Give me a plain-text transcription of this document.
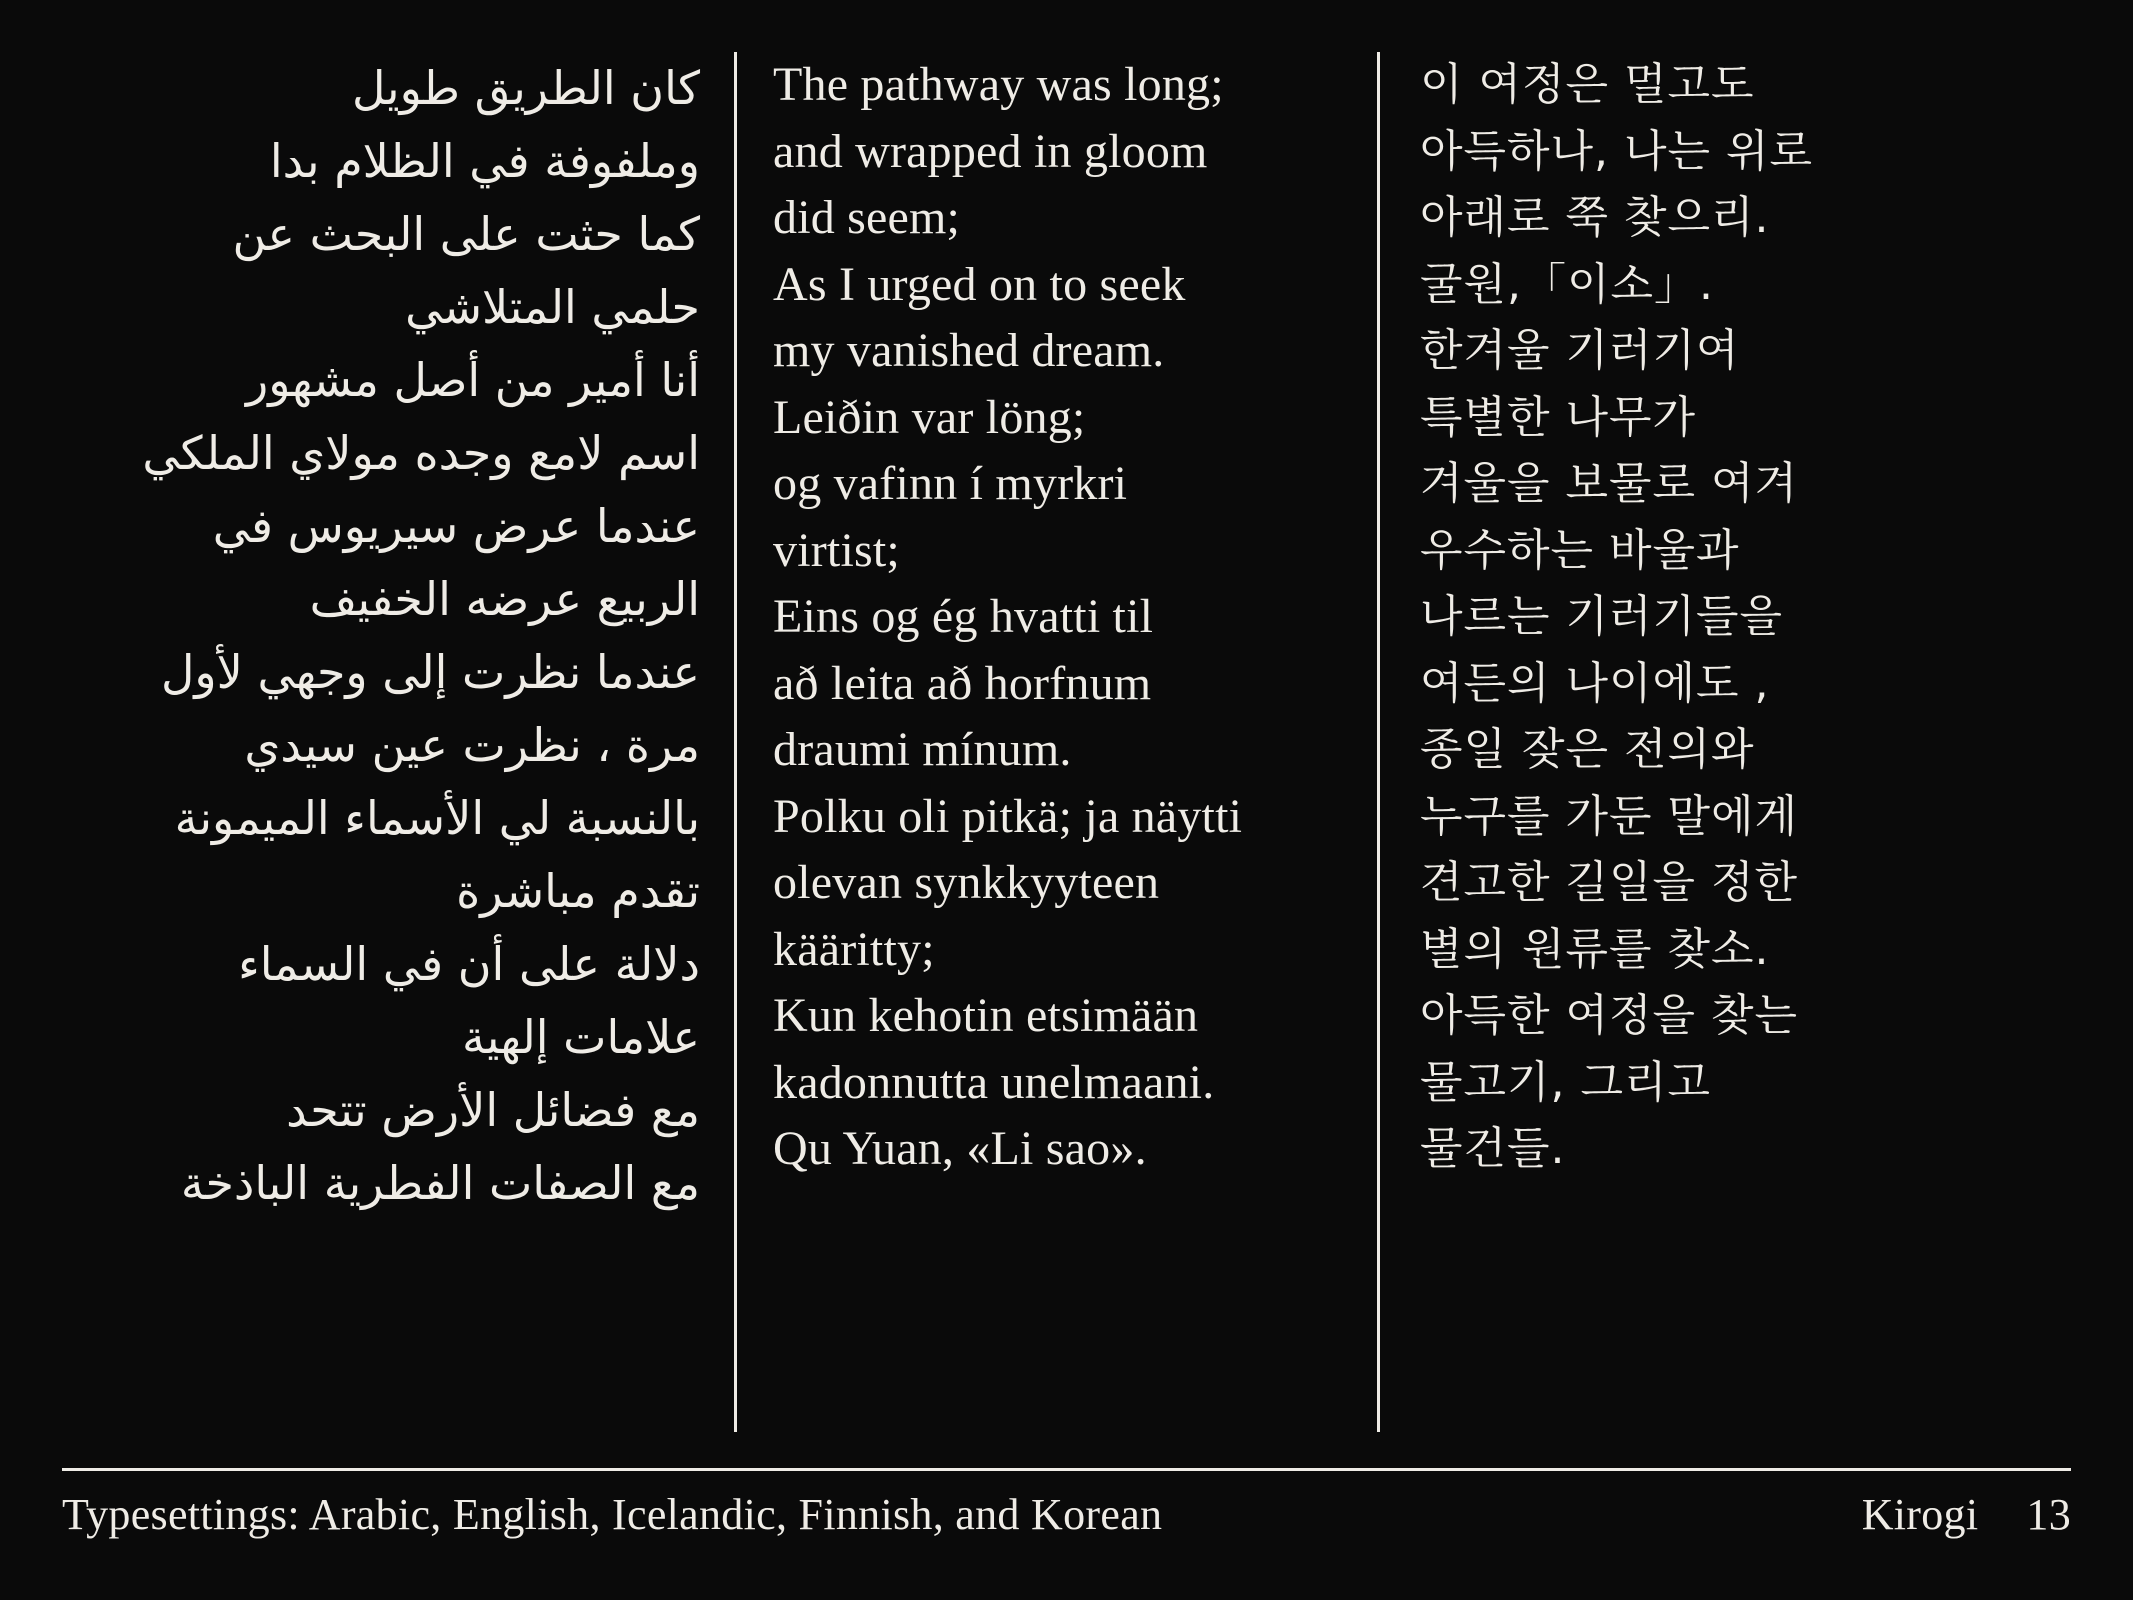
كان الطريق طويل
وملفوفة في الظلام بدا
كما حثت على البحث عن
حلمي المتلاشي
أنا أمير من أصل مشهور
اسم لامع وجده مولاي الملكي
عندما عرض سيريوس في
الربيع عرضه الخفيف
عندما نظرت إلى وجهي لأول
مرة ، نظرت عين سيدي
بالنسبة لي الأسماء الميمونة
تقدم مباشرة
دلالة على أن في السماء
علامات إلهية
مع فضائل الأرض تتحد
مع الصفات الفطرية الباذخة
The pathway was long;
and wrapped in gloom
did seem;
As I urged on to seek
my vanished dream.
Leiðin var löng;
og vafinn í myrkri
virtist;
Eins og ég hvatti til
að leita að horfnum
draumi mínum.
Polku oli pitkä; ja näytti
olevan synkkyyteen
kääritty;
Kun kehotin etsimään
kadonnutta unelmaani.
Qu Yuan, «Li sao».
이 여정은 멀고도
아득하나, 나는 위로
아래로 쭉 찾으리.
굴원,「이소」.
한겨울 기러기여
특별한 나무가
겨울을 보물로 여겨
우수하는 바울과
나르는 기러기들을
여든의 나이에도 ,
종일 잦은 전의와
누구를 가둔 말에게
견고한 길일을 정한
별의 원류를 찾소.
아득한 여정을 찾는
물고기, 그리고
물건들.
Typesettings: Arabic, English, Icelandic, Finnish, and Korean	Kirogi 13
